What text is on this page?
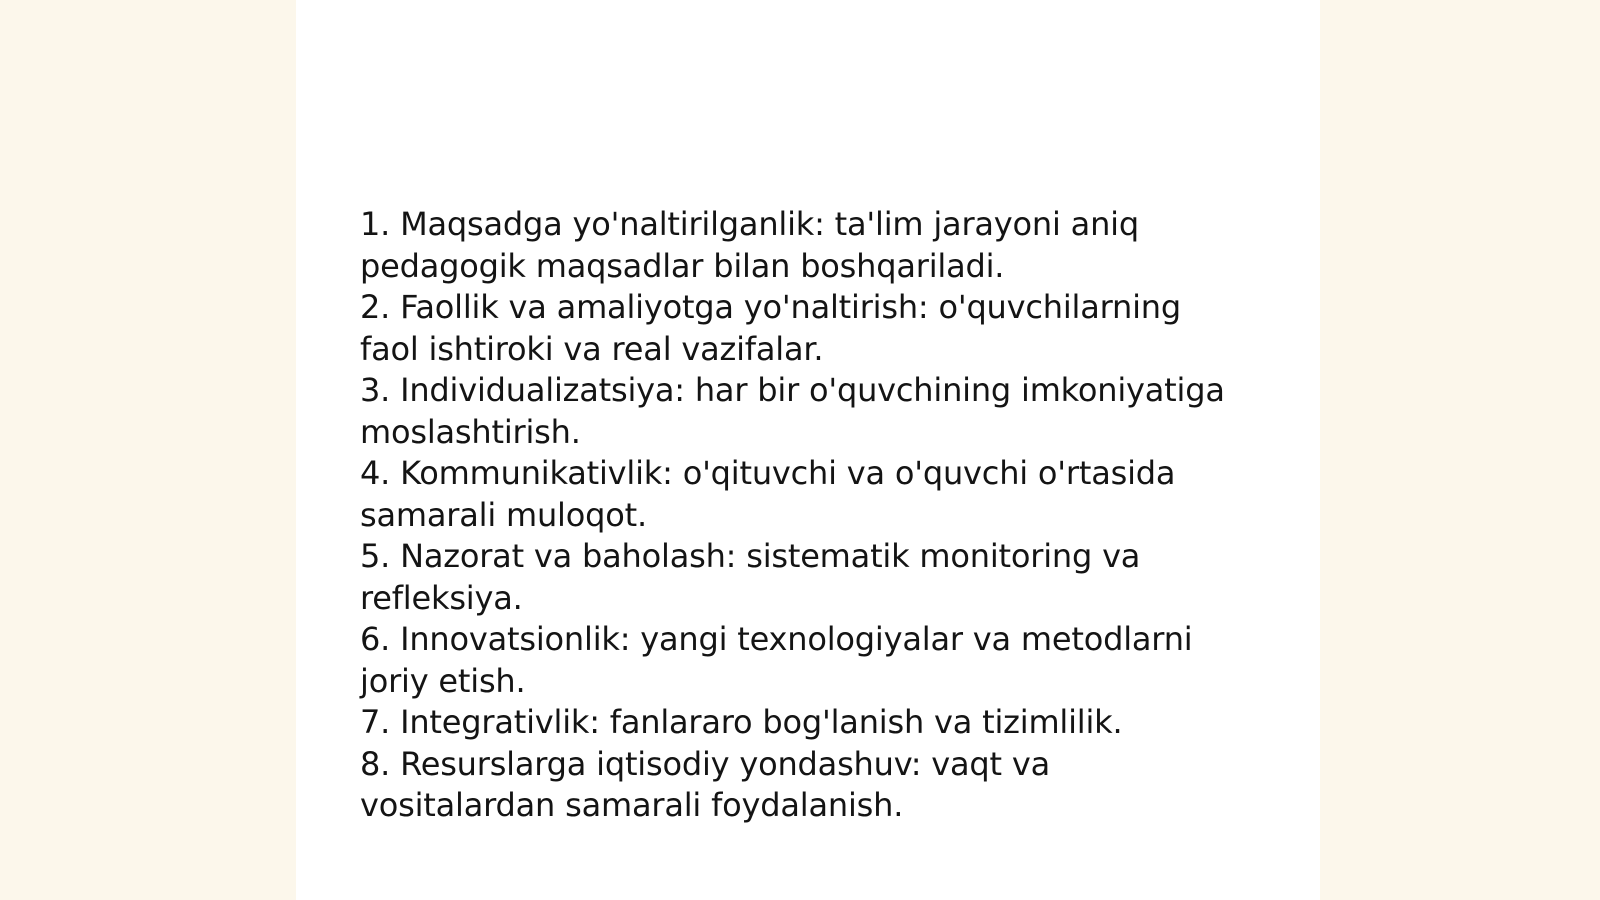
1. Maqsadga yo'naltirilganlik: ta'lim jarayoni aniq pedagogik maqsadlar bilan boshqariladi.

2. Faollik va amaliyotga yo'naltirish: o'quvchilarning faol ishtiroki va real vazifalar.

3. Individualizatsiya: har bir o'quvchining imkoniyatiga moslashtirish.

4. Kommunikativlik: o'qituvchi va o'quvchi o'rtasida samarali muloqot.

5. Nazorat va baholash: sistematik monitoring va refleksiya.

6. Innovatsionlik: yangi texnologiyalar va metodlarni joriy etish.

7. Integrativlik: fanlararo bog'lanish va tizimlilik.

8. Resurslarga iqtisodiy yondashuv: vaqt va vositalardan samarali foydalanish.
